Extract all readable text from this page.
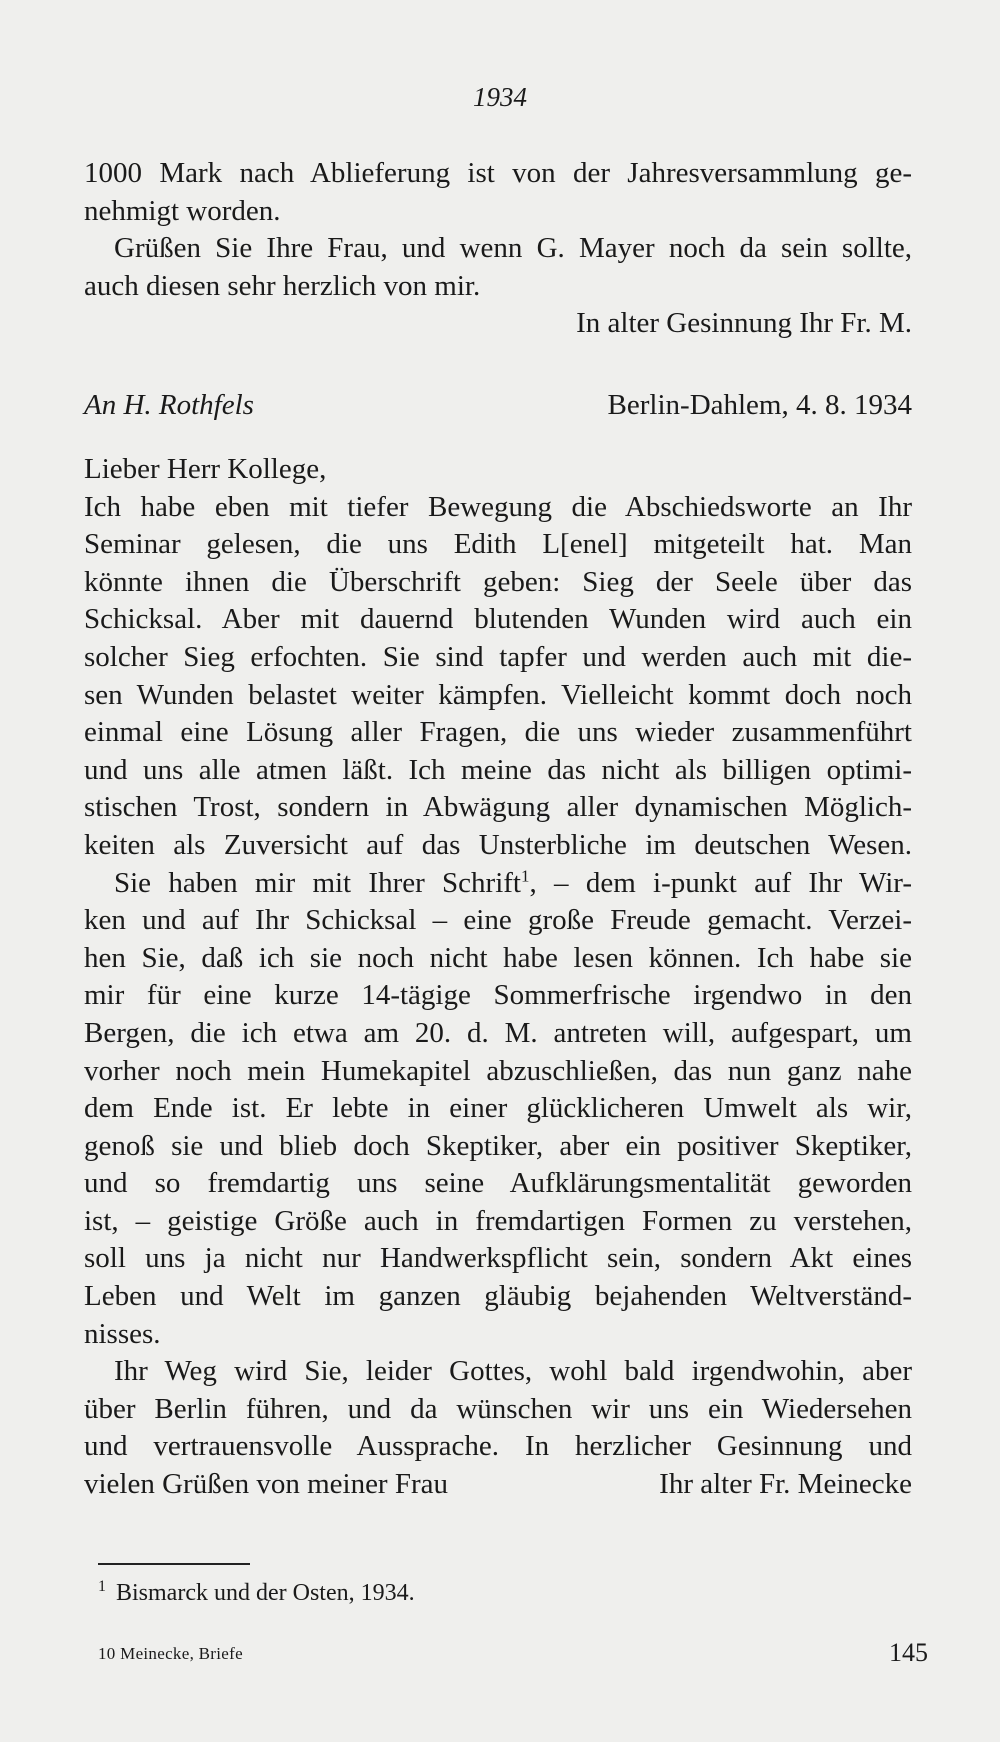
1934
1000 Mark nach Ablieferung ist von der Jahresversammlung ge-
nehmigt worden.
Grüßen Sie Ihre Frau, und wenn G. Mayer noch da sein sollte,
auch diesen sehr herzlich von mir.
In alter Gesinnung Ihr Fr. M.
An H. Rothfels	Berlin-Dahlem, 4. 8. 1934
Lieber Herr Kollege,
Ich habe eben mit tiefer Bewegung die Abschiedsworte an Ihr
Seminar gelesen, die uns Edith L[enel] mitgeteilt hat. Man
könnte ihnen die Überschrift geben: Sieg der Seele über das
Schicksal. Aber mit dauernd blutenden Wunden wird auch ein
solcher Sieg erfochten. Sie sind tapfer und werden auch mit die-
sen Wunden belastet weiter kämpfen. Vielleicht kommt doch noch
einmal eine Lösung aller Fragen, die uns wieder zusammenführt
und uns alle atmen läßt. Ich meine das nicht als billigen optimi-
stischen Trost, sondern in Abwägung aller dynamischen Möglich-
keiten als Zuversicht auf das Unsterbliche im deutschen Wesen.
Sie haben mir mit Ihrer Schrift$^1$, – dem i-punkt auf Ihr Wir-
ken und auf Ihr Schicksal – eine große Freude gemacht. Verzei-
hen Sie, daß ich sie noch nicht habe lesen können. Ich habe sie
mir für eine kurze 14-tägige Sommerfrische irgendwo in den
Bergen, die ich etwa am 20. d. M. antreten will, aufgespart, um
vorher noch mein Humekapitel abzuschließen, das nun ganz nahe
dem Ende ist. Er lebte in einer glücklicheren Umwelt als wir,
genoß sie und blieb doch Skeptiker, aber ein positiver Skeptiker,
und so fremdartig uns seine Aufklärungsmentalität geworden
ist, – geistige Größe auch in fremdartigen Formen zu verstehen,
soll uns ja nicht nur Handwerkspflicht sein, sondern Akt eines
Leben und Welt im ganzen gläubig bejahenden Weltverständ-
nisses.
Ihr Weg wird Sie, leider Gottes, wohl bald irgendwohin, aber
über Berlin führen, und da wünschen wir uns ein Wiedersehen
und vertrauensvolle Aussprache. In herzlicher Gesinnung und
vielen Grüßen von meiner Frau	Ihr alter Fr. Meinecke
$^1$ Bismarck und der Osten, 1934.
10 Meinecke, Briefe	145
